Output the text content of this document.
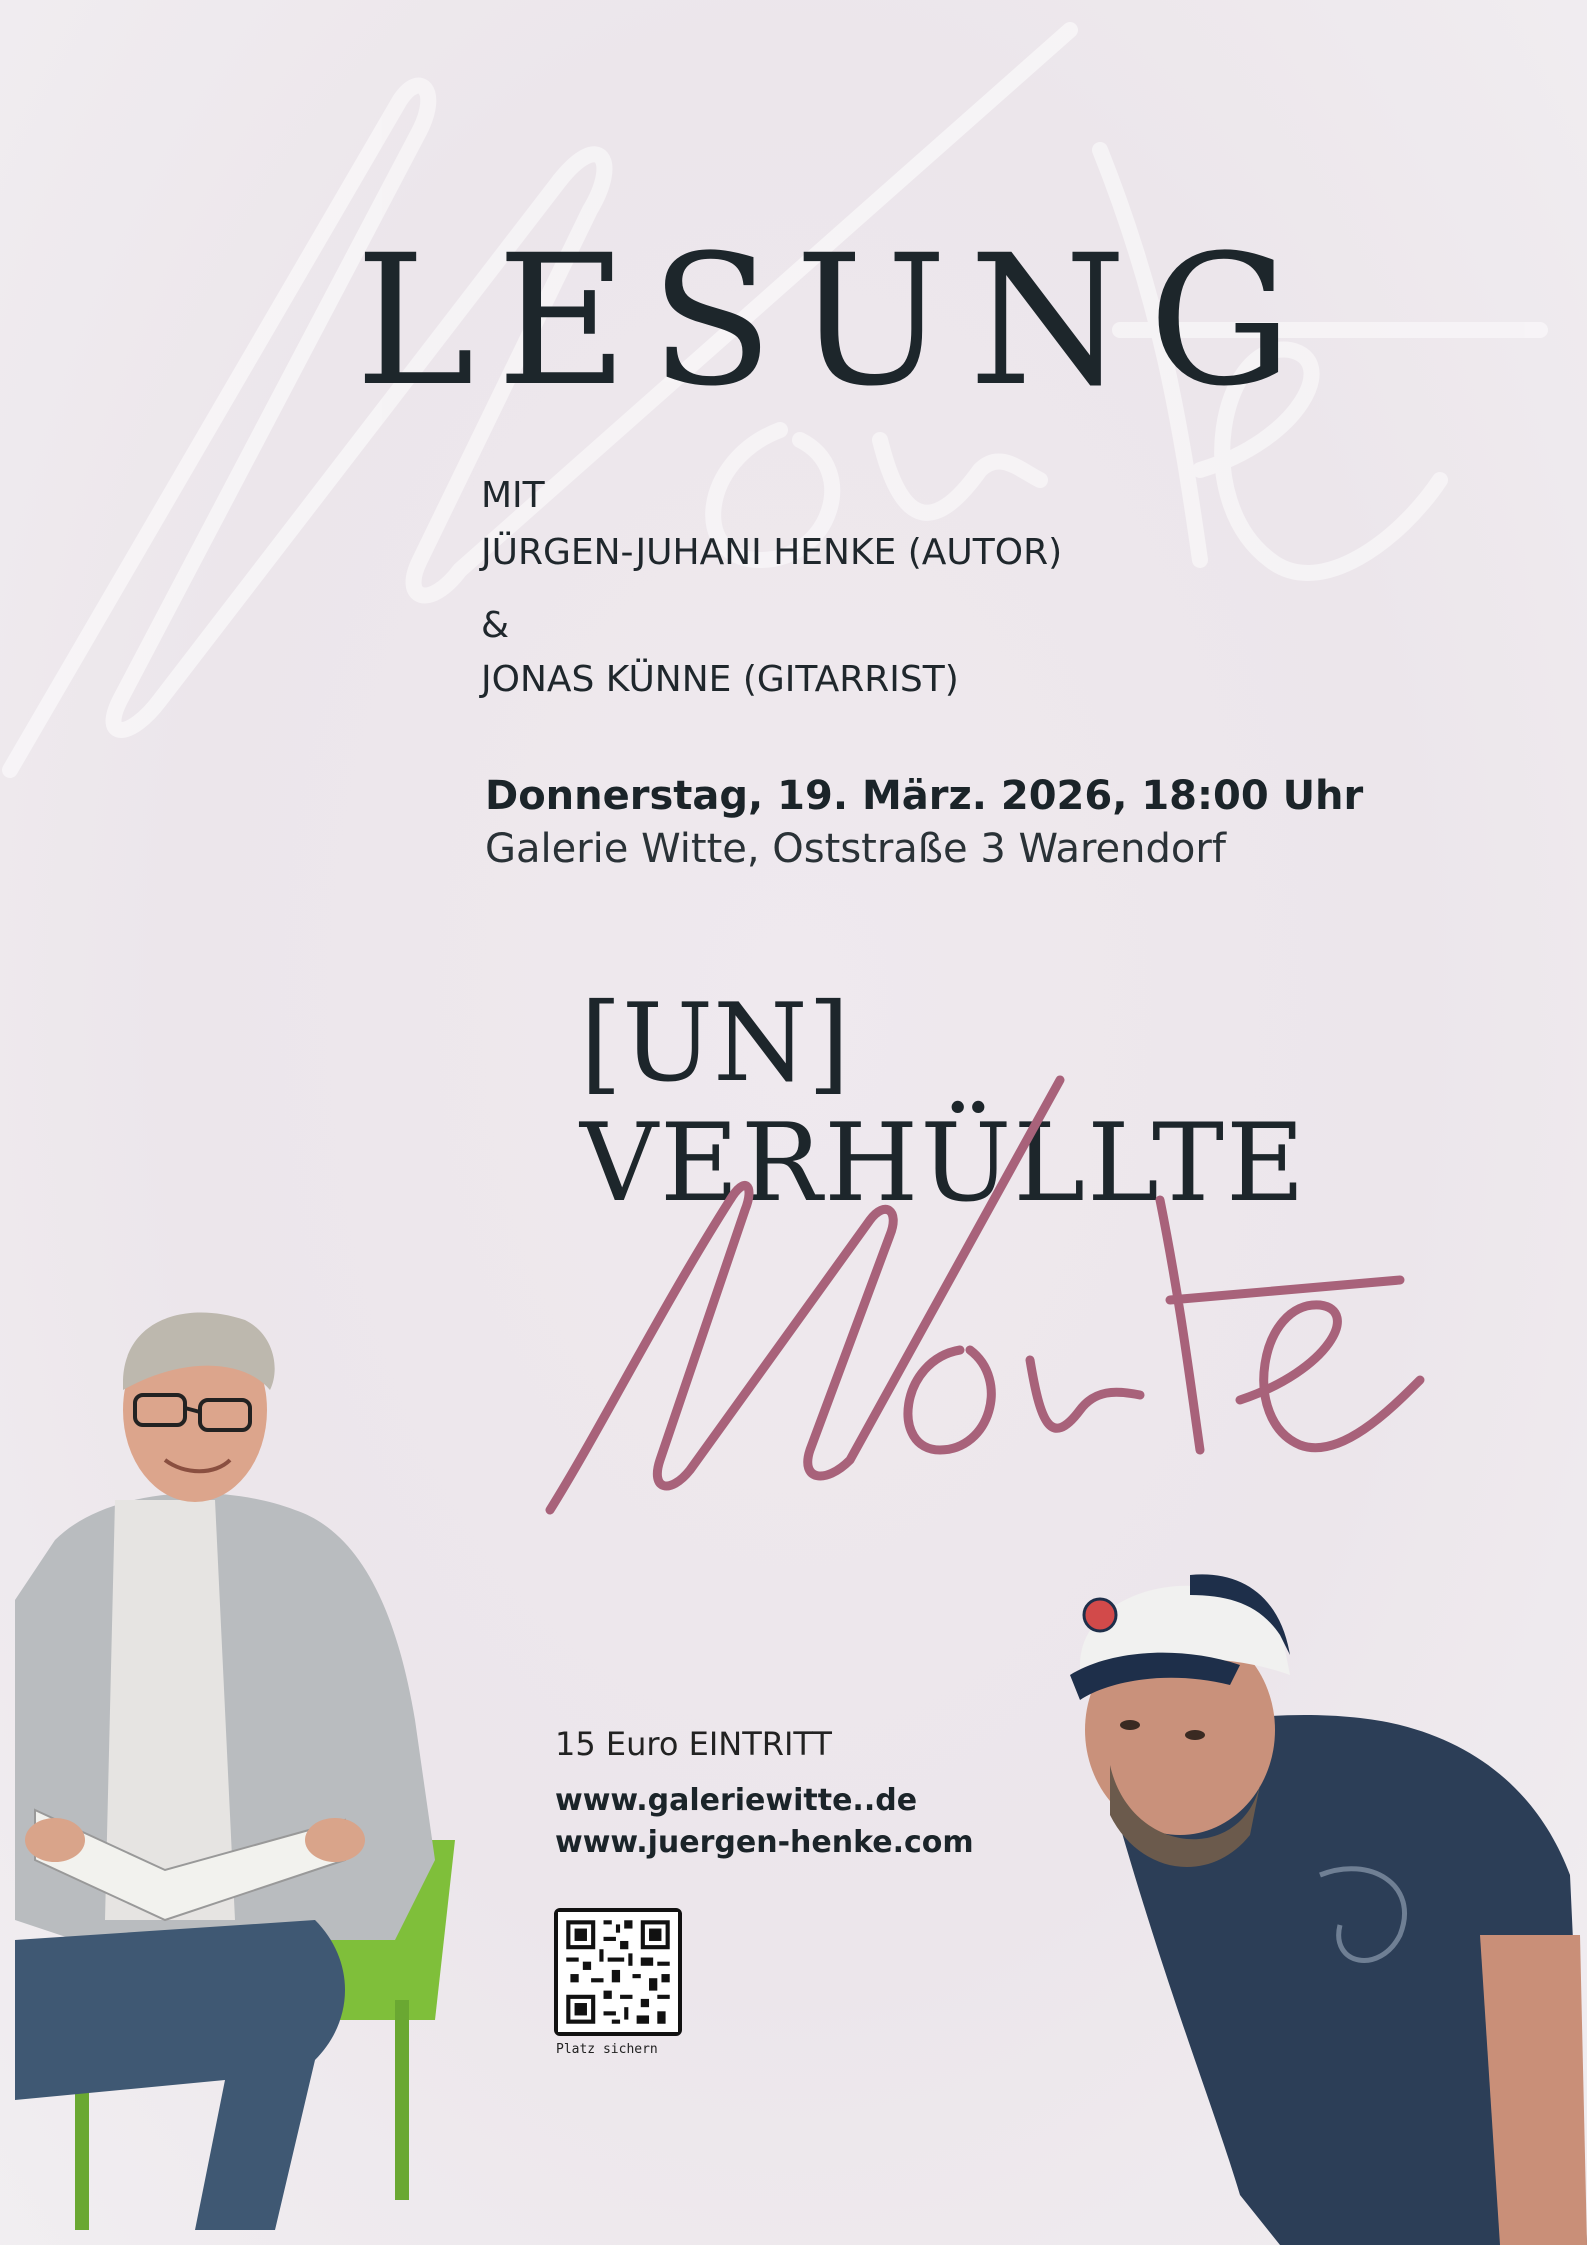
LESUNG
MIT
JÜRGEN-JUHANI HENKE (AUTOR)
&
JONAS KÜNNE (GITARRIST)
Donnerstag, 19. März. 2026, 18:00 Uhr
Galerie Witte, Oststraße 3 Warendorf
[UN]
VERHÜLLTE
15 Euro EINTRITT
www.galeriewitte..de
www.juergen-henke.com
Platz sichern
